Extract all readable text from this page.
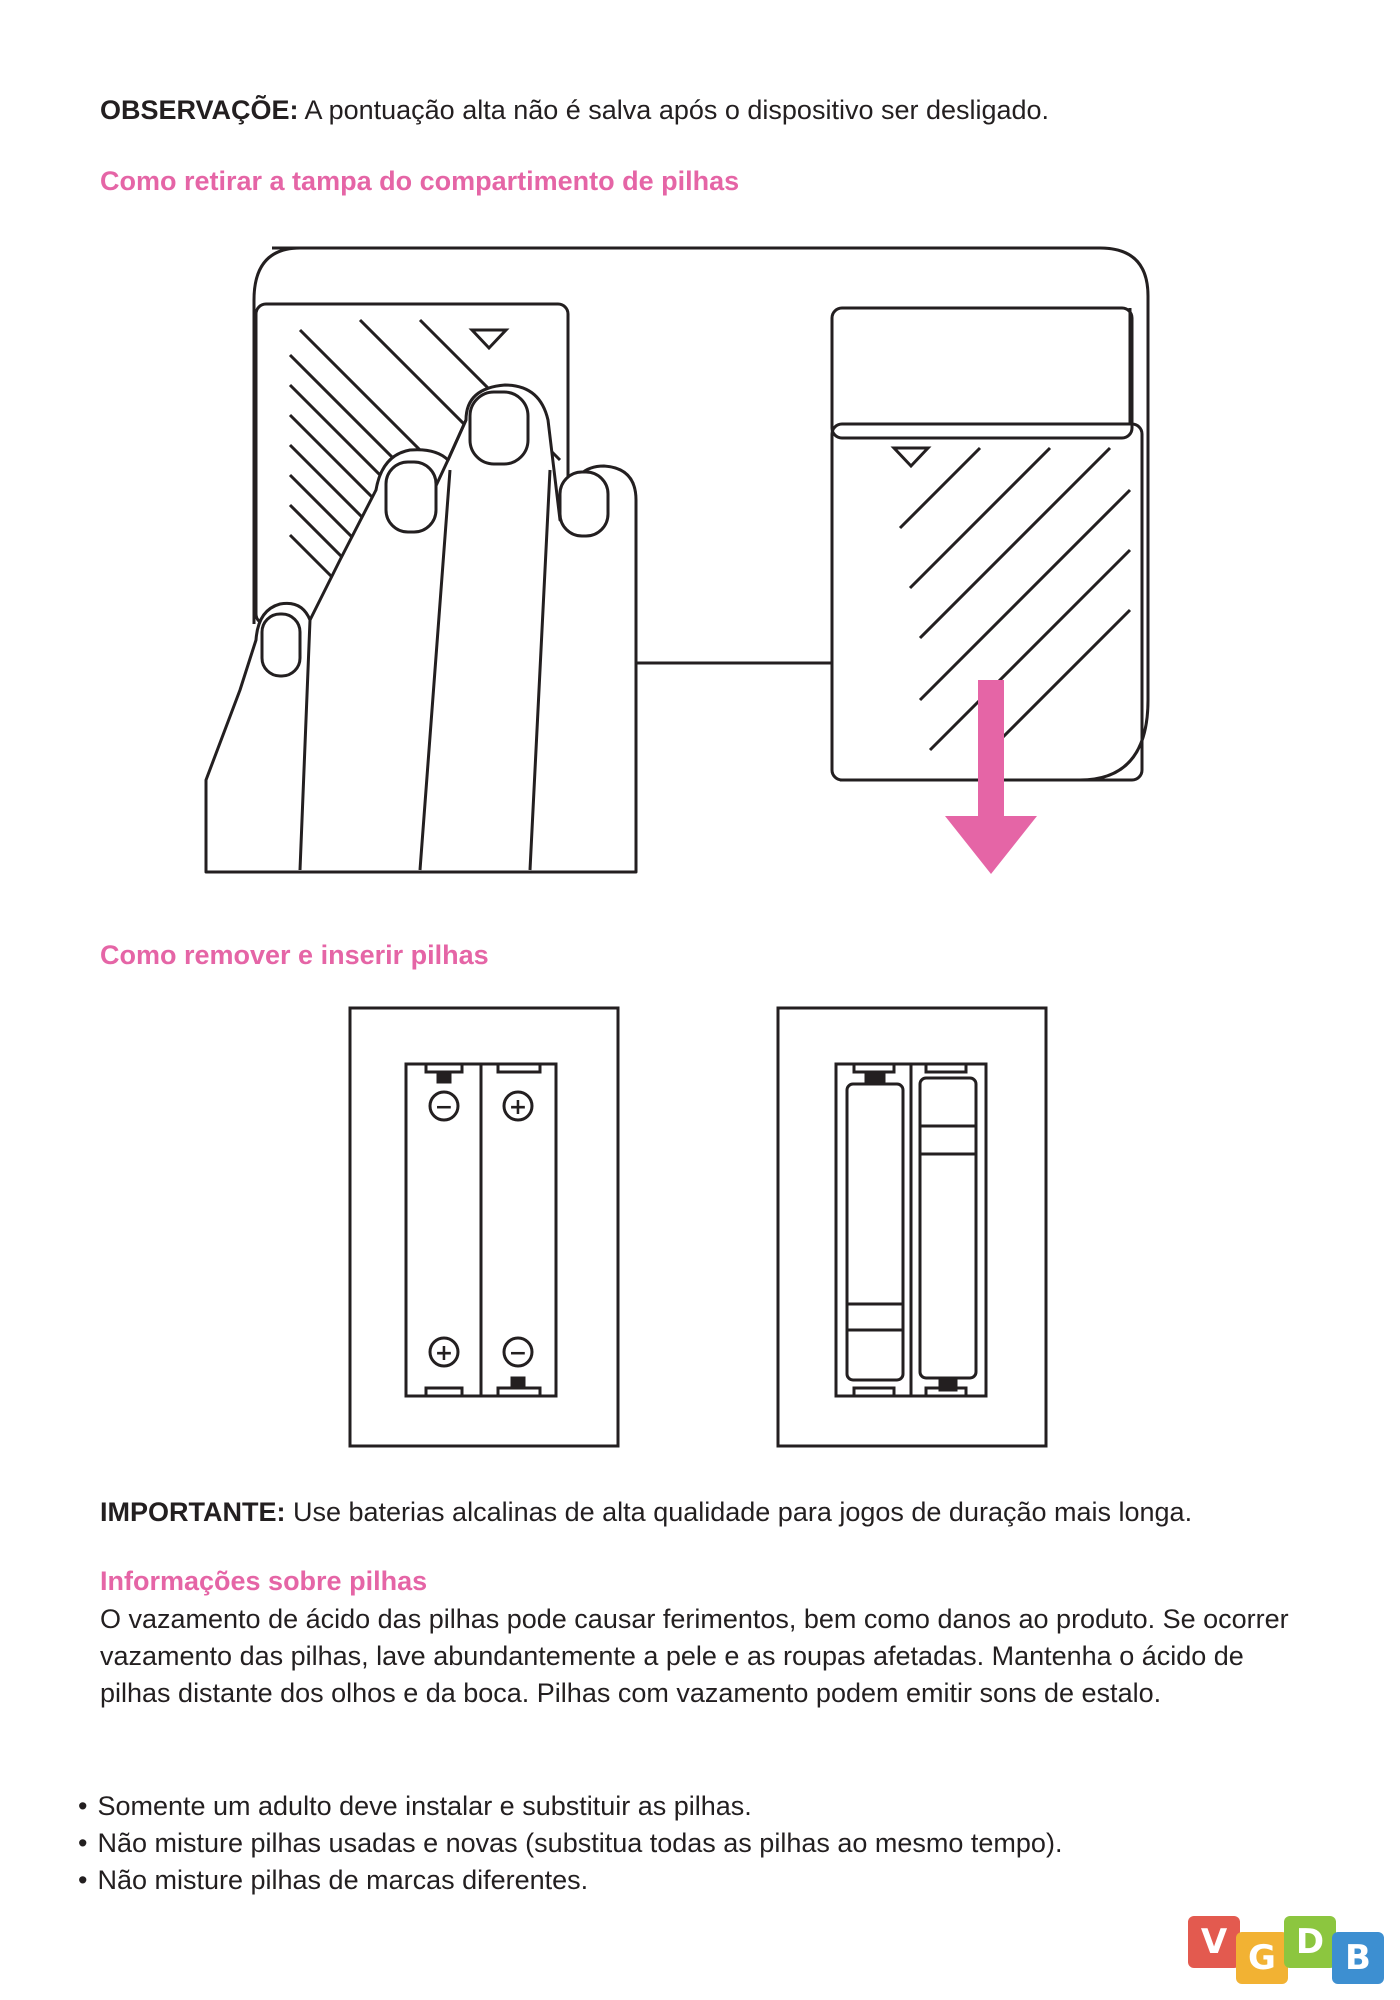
OBSERVAÇÕE: A pontuação alta não é salva após o dispositivo ser desligado.
Como retirar a tampa do compartimento de pilhas
Como remover e inserir pilhas
−	+
+	−
IMPORTANTE: Use baterias alcalinas de alta qualidade para jogos de duração mais longa.
Informações sobre pilhas
O vazamento de ácido das pilhas pode causar ferimentos, bem como danos ao produto. Se ocorrer vazamento das pilhas, lave abundantemente a pele e as roupas afetadas. Mantenha o ácido de pilhas distante dos olhos e da boca. Pilhas com vazamento podem emitir sons de estalo.
• Somente um adulto deve instalar e substituir as pilhas.
• Não misture pilhas usadas e novas (substitua todas as pilhas ao mesmo tempo).
• Não misture pilhas de marcas diferentes.
V G D B
